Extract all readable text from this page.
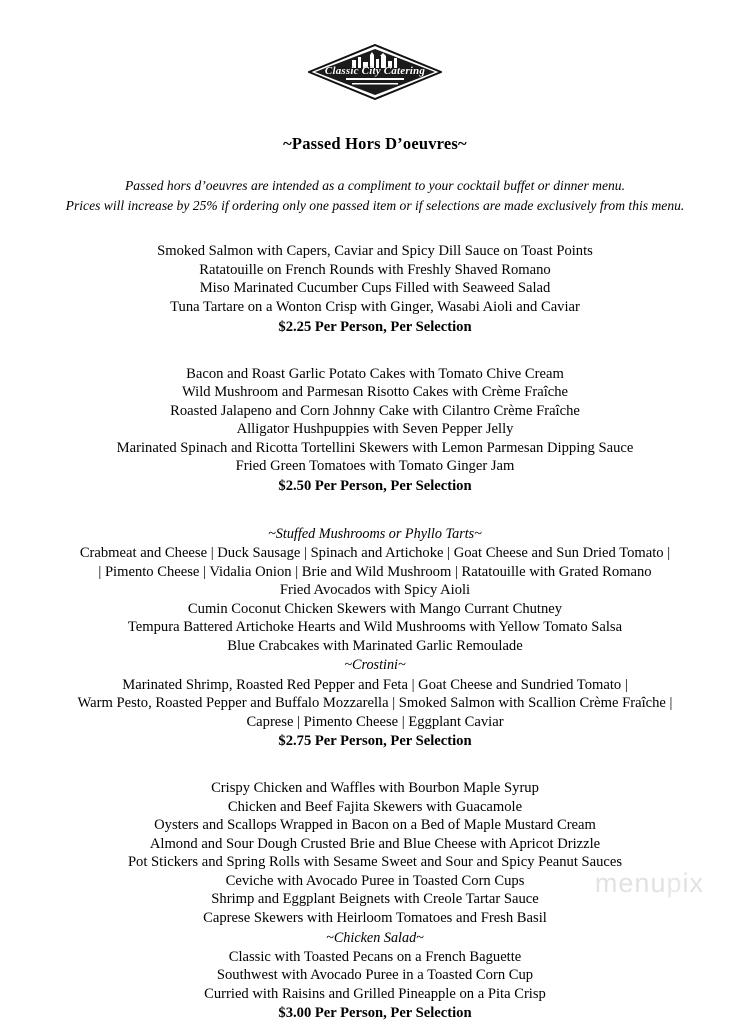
Classic City Catering
~Passed Hors D’oeuvres~
Passed hors d’oeuvres are intended as a compliment to your cocktail buffet or dinner menu.
Prices will increase by 25% if ordering only one passed item or if selections are made exclusively from this menu.
Smoked Salmon with Capers, Caviar and Spicy Dill Sauce on Toast Points
Ratatouille on French Rounds with Freshly Shaved Romano
Miso Marinated Cucumber Cups Filled with Seaweed Salad
Tuna Tartare on a Wonton Crisp with Ginger, Wasabi Aioli and Caviar
$2.25 Per Person, Per Selection
Bacon and Roast Garlic Potato Cakes with Tomato Chive Cream
Wild Mushroom and Parmesan Risotto Cakes with Crème Fraîche
Roasted Jalapeno and Corn Johnny Cake with Cilantro Crème Fraîche
Alligator Hushpuppies with Seven Pepper Jelly
Marinated Spinach and Ricotta Tortellini Skewers with Lemon Parmesan Dipping Sauce
Fried Green Tomatoes with Tomato Ginger Jam
$2.50 Per Person, Per Selection
~Stuffed Mushrooms or Phyllo Tarts~
Crabmeat and Cheese | Duck Sausage | Spinach and Artichoke | Goat Cheese and Sun Dried Tomato |
| Pimento Cheese | Vidalia Onion | Brie and Wild Mushroom | Ratatouille with Grated Romano
Fried Avocados with Spicy Aioli
Cumin Coconut Chicken Skewers with Mango Currant Chutney
Tempura Battered Artichoke Hearts and Wild Mushrooms with Yellow Tomato Salsa
Blue Crabcakes with Marinated Garlic Remoulade
~Crostini~
Marinated Shrimp, Roasted Red Pepper and Feta | Goat Cheese and Sundried Tomato |
Warm Pesto, Roasted Pepper and Buffalo Mozzarella | Smoked Salmon with Scallion Crème Fraîche |
Caprese | Pimento Cheese | Eggplant Caviar
$2.75 Per Person, Per Selection
Crispy Chicken and Waffles with Bourbon Maple Syrup
Chicken and Beef Fajita Skewers with Guacamole
Oysters and Scallops Wrapped in Bacon on a Bed of Maple Mustard Cream
Almond and Sour Dough Crusted Brie and Blue Cheese with Apricot Drizzle
Pot Stickers and Spring Rolls with Sesame Sweet and Sour and Spicy Peanut Sauces
Ceviche with Avocado Puree in Toasted Corn Cups
Shrimp and Eggplant Beignets with Creole Tartar Sauce
Caprese Skewers with Heirloom Tomatoes and Fresh Basil
~Chicken Salad~
Classic with Toasted Pecans on a French Baguette
Southwest with Avocado Puree in a Toasted Corn Cup
Curried with Raisins and Grilled Pineapple on a Pita Crisp
$3.00 Per Person, Per Selection
menupix
